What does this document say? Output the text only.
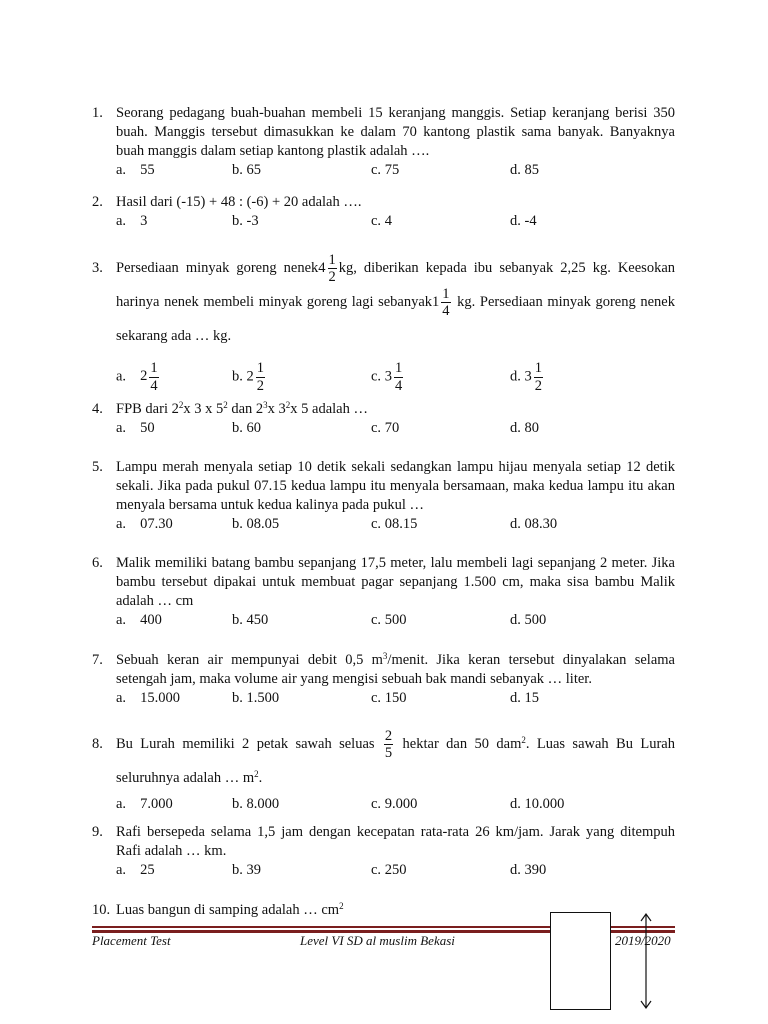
1. Seorang pedagang buah-buahan membeli 15 keranjang manggis. Setiap keranjang berisi 350 buah. Manggis tersebut dimasukkan ke dalam 70 kantong plastik sama banyak. Banyaknya buah manggis dalam setiap kantong plastik adalah ….
a. 55	b. 65	c. 75	d. 85
2. Hasil dari (-15) + 48 : (-6) + 20 adalah ….
a. 3	b. -3	c. 4	d. -4
3. Persediaan minyak goreng nenek4 $\frac{1}{2}$ kg, diberikan kepada ibu sebanyak 2,25 kg. Keesokan harinya nenek membeli minyak goreng lagi sebanyak1 $\frac{1}{4}$ kg. Persediaan minyak goreng nenek sekarang ada … kg.
a. $2 \frac{1}{4}$	b. $2 \frac{1}{2}$	c. $3 \frac{1}{4}$	d. $3 \frac{1}{2}$
4. FPB dari $2^2x$ 3 x $5^2$ dan $2^3x$ $3^2x$ 5 adalah …
a. 50	b. 60	c. 70	d. 80
5. Lampu merah menyala setiap 10 detik sekali sedangkan lampu hijau menyala setiap 12 detik sekali. Jika pada pukul 07.15 kedua lampu itu menyala bersamaan, maka kedua lampu itu akan menyala bersama untuk kedua kalinya pada pukul …
a. 07.30	b. 08.05	c. 08.15	d. 08.30
6. Malik memiliki batang bambu sepanjang 17,5 meter, lalu membeli lagi sepanjang 2 meter. Jika bambu tersebut dipakai untuk membuat pagar sepanjang 1.500 cm, maka sisa bambu Malik adalah … cm
a. 400	b. 450	c. 500	d. 500
7. Sebuah keran air mempunyai debit 0,5 $m^3$/menit. Jika keran tersebut dinyalakan selama setengah jam, maka volume air yang mengisi sebuah bak mandi sebanyak … liter.
a. 15.000	b. 1.500	c. 150	d. 15
8. Bu Lurah memiliki 2 petak sawah seluas $\frac{2}{5}$ hektar dan 50 dam$^2$. Luas sawah Bu Lurah seluruhnya adalah … $m^2$.
a. 7.000	b. 8.000	c. 9.000	d. 10.000
9. Rafi bersepeda selama 1,5 jam dengan kecepatan rata-rata 26 km/jam. Jarak yang ditempuh Rafi adalah … km.
a. 25	b. 39	c. 250	d. 390
10. Luas bangun di samping adalah … $cm^2$
Placement Test	Level VI SD al muslim Bekasi	2019/2020
